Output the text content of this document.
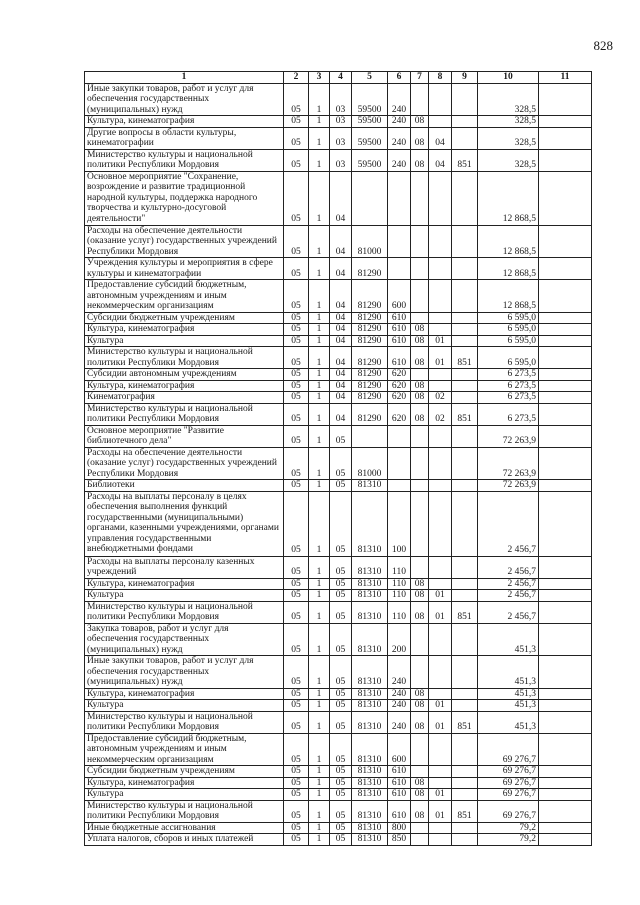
828
1	2	3	4	5	6	7	8	9	10	11
Иные закупки товаров, работ и услуг для обеспечения государственных (муниципальных) нужд	05	1	03	59500	240				328,5	
Культура, кинематография	05	1	03	59500	240	08			328,5	
Другие вопросы в области культуры, кинематографии	05	1	03	59500	240	08	04		328,5	
Министерство культуры и национальной политики Республики Мордовия	05	1	03	59500	240	08	04	851	328,5	
Основное мероприятие "Сохранение, возрождение и развитие традиционной народной культуры, поддержка народного творчества и культурно-досуговой деятельности"	05	1	04						12 868,5	
Расходы на обеспечение деятельности (оказание услуг) государственных учреждений Республики Мордовия	05	1	04	81000					12 868,5	
Учреждения культуры и мероприятия в сфере культуры и кинематографии	05	1	04	81290					12 868,5	
Предоставление субсидий бюджетным, автономным учреждениям и иным некоммерческим организациям	05	1	04	81290	600				12 868,5	
Субсидии бюджетным учреждениям	05	1	04	81290	610				6 595,0	
Культура, кинематография	05	1	04	81290	610	08			6 595,0	
Культура	05	1	04	81290	610	08	01		6 595,0	
Министерство культуры и национальной политики Республики Мордовия	05	1	04	81290	610	08	01	851	6 595,0	
Субсидии автономным учреждениям	05	1	04	81290	620				6 273,5	
Культура, кинематография	05	1	04	81290	620	08			6 273,5	
Кинематография	05	1	04	81290	620	08	02		6 273,5	
Министерство культуры и национальной политики Республики Мордовия	05	1	04	81290	620	08	02	851	6 273,5	
Основное мероприятие "Развитие библиотечного дела"	05	1	05						72 263,9	
Расходы на обеспечение деятельности (оказание услуг) государственных учреждений Республики Мордовия	05	1	05	81000					72 263,9	
Библиотеки	05	1	05	81310					72 263,9	
Расходы на выплаты персоналу в целях обеспечения выполнения функций государственными (муниципальными) органами, казенными учреждениями, органами управления государственными внебюджетными фондами	05	1	05	81310	100				2 456,7	
Расходы на выплаты персоналу казенных учреждений	05	1	05	81310	110				2 456,7	
Культура, кинематография	05	1	05	81310	110	08			2 456,7	
Культура	05	1	05	81310	110	08	01		2 456,7	
Министерство культуры и национальной политики Республики Мордовия	05	1	05	81310	110	08	01	851	2 456,7	
Закупка товаров, работ и услуг для обеспечения государственных (муниципальных) нужд	05	1	05	81310	200				451,3	
Иные закупки товаров, работ и услуг для обеспечения государственных (муниципальных) нужд	05	1	05	81310	240				451,3	
Культура, кинематография	05	1	05	81310	240	08			451,3	
Культура	05	1	05	81310	240	08	01		451,3	
Министерство культуры и национальной политики Республики Мордовия	05	1	05	81310	240	08	01	851	451,3	
Предоставление субсидий бюджетным, автономным учреждениям и иным некоммерческим организациям	05	1	05	81310	600				69 276,7	
Субсидии бюджетным учреждениям	05	1	05	81310	610				69 276,7	
Культура, кинематография	05	1	05	81310	610	08			69 276,7	
Культура	05	1	05	81310	610	08	01		69 276,7	
Министерство культуры и национальной политики Республики Мордовия	05	1	05	81310	610	08	01	851	69 276,7	
Иные бюджетные ассигнования	05	1	05	81310	800				79,2	
Уплата налогов, сборов и иных платежей	05	1	05	81310	850				79,2	
